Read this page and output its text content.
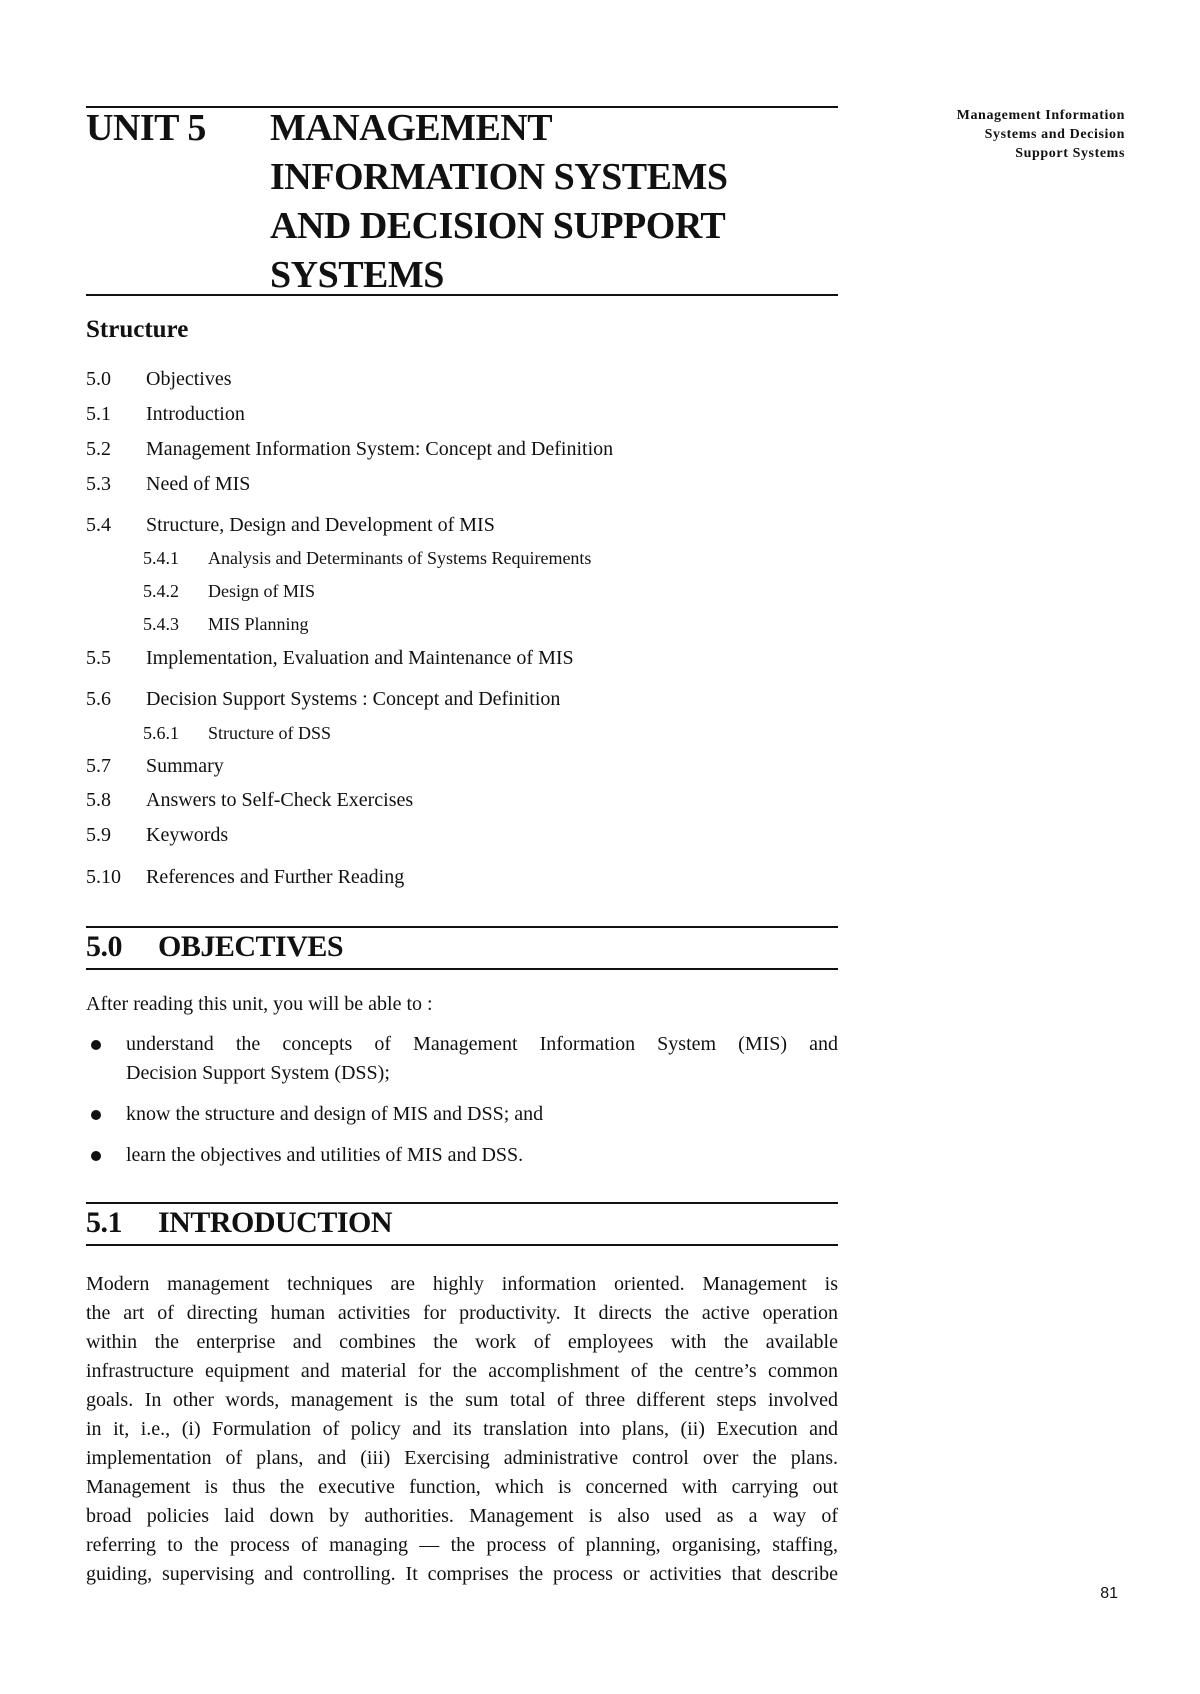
UNIT 5 MANAGEMENT
INFORMATION SYSTEMS
AND DECISION SUPPORT
SYSTEMS
Management Information
Systems and Decision
Support Systems
Structure
5.0 Objectives
5.1 Introduction
5.2 Management Information System: Concept and Definition
5.3 Need of MIS
5.4 Structure, Design and Development of MIS
5.4.1 Analysis and Determinants of Systems Requirements
5.4.2 Design of MIS
5.4.3 MIS Planning
5.5 Implementation, Evaluation and Maintenance of MIS
5.6 Decision Support Systems : Concept and Definition
5.6.1 Structure of DSS
5.7 Summary
5.8 Answers to Self-Check Exercises
5.9 Keywords
5.10 References and Further Reading
5.0 OBJECTIVES
After reading this unit, you will be able to :
understand the concepts of Management Information System (MIS) and
Decision Support System (DSS);
know the structure and design of MIS and DSS; and
learn the objectives and utilities of MIS and DSS.
5.1 INTRODUCTION
Modern management techniques are highly information oriented. Management is
the art of directing human activities for productivity. It directs the active operation
within the enterprise and combines the work of employees with the available
infrastructure equipment and material for the accomplishment of the centre’s common
goals. In other words, management is the sum total of three different steps involved
in it, i.e., (i) Formulation of policy and its translation into plans, (ii) Execution and
implementation of plans, and (iii) Exercising administrative control over the plans.
Management is thus the executive function, which is concerned with carrying out
broad policies laid down by authorities. Management is also used as a way of
referring to the process of managing — the process of planning, organising, staffing,
guiding, supervising and controlling. It comprises the process or activities that describe
81
